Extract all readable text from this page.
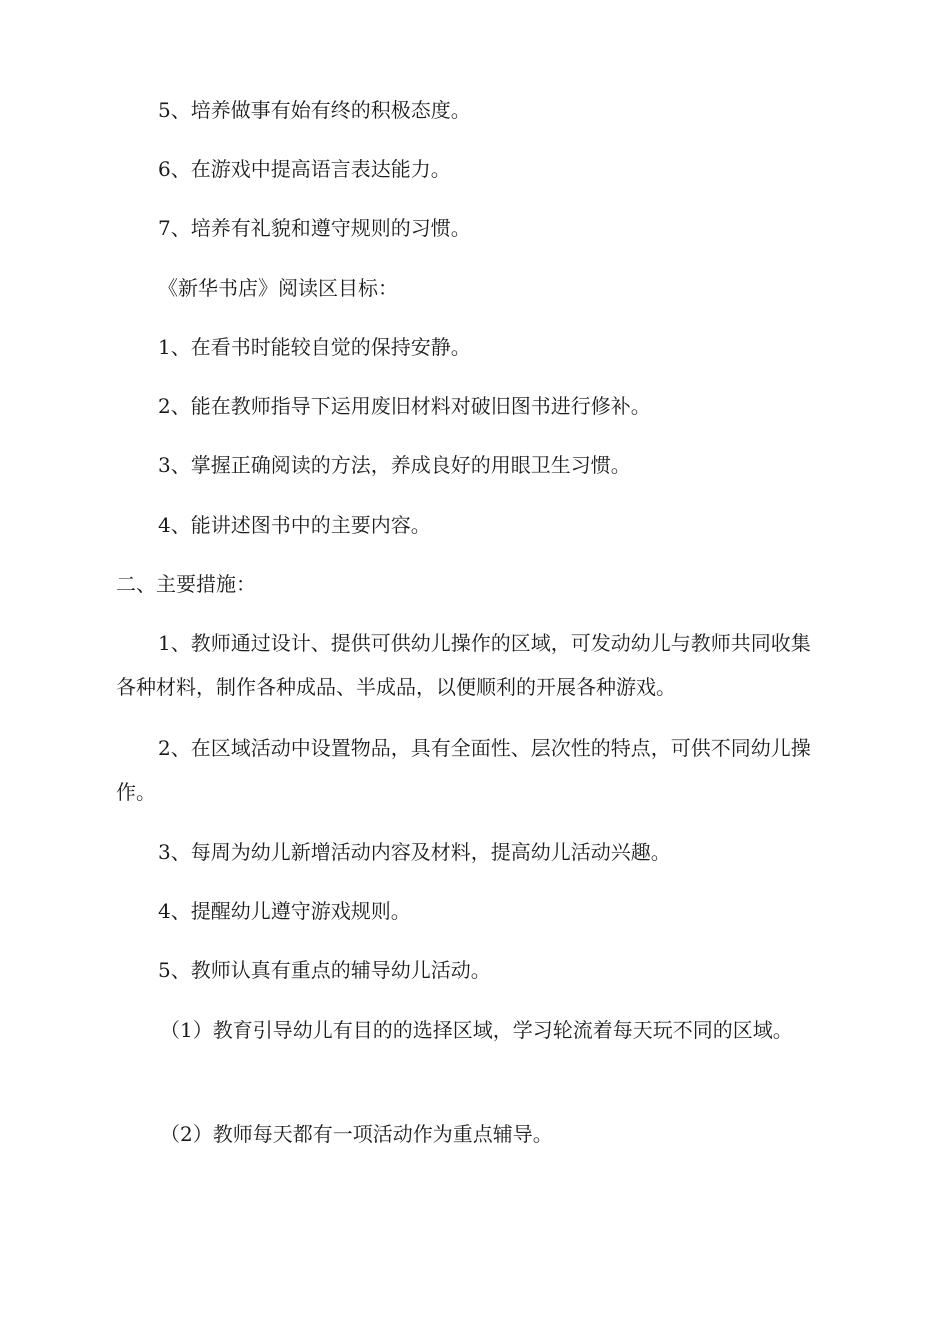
5、培养做事有始有终的积极态度。

6、在游戏中提高语言表达能力。

7、培养有礼貌和遵守规则的习惯。

《新华书店》阅读区目标：

1、在看书时能较自觉的保持安静。

2、能在教师指导下运用废旧材料对破旧图书进行修补。

3、掌握正确阅读的方法，养成良好的用眼卫生习惯。

4、能讲述图书中的主要内容。

二、主要措施：

1、教师通过设计、提供可供幼儿操作的区域，可发动幼儿与教师共同收集各种材料，制作各种成品、半成品，以便顺利的开展各种游戏。

2、在区域活动中设置物品，具有全面性、层次性的特点，可供不同幼儿操作。

3、每周为幼儿新增活动内容及材料，提高幼儿活动兴趣。

4、提醒幼儿遵守游戏规则。

5、教师认真有重点的辅导幼儿活动。

（1）教育引导幼儿有目的的选择区域，学习轮流着每天玩不同的区域。

（2）教师每天都有一项活动作为重点辅导。
